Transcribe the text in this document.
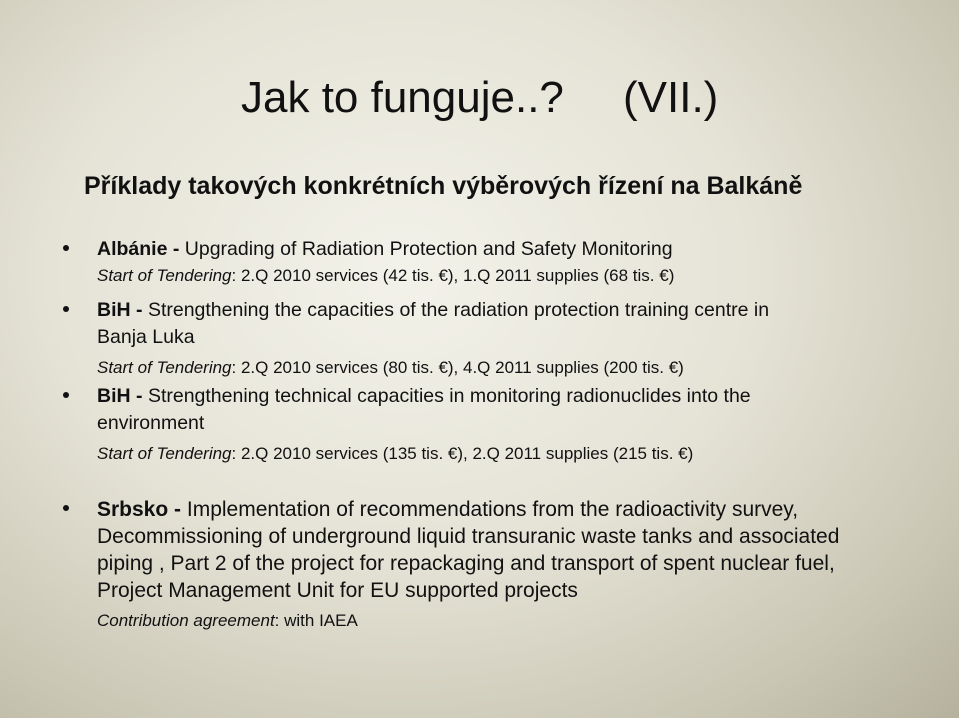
Jak to funguje..? (VII.)
Příklady takových konkrétních výběrových řízení na Balkáně
Albánie - Upgrading of Radiation Protection and Safety Monitoring
Start of Tendering: 2.Q 2010 services (42 tis. €), 1.Q 2011 supplies (68 tis. €)
BiH - Strengthening the capacities of the radiation protection training centre in
Banja Luka
Start of Tendering: 2.Q 2010 services (80 tis. €), 4.Q 2011 supplies (200 tis. €)
BiH - Strengthening technical capacities in monitoring radionuclides into the
environment
Start of Tendering: 2.Q 2010 services (135 tis. €), 2.Q 2011 supplies (215 tis. €)
Srbsko - Implementation of recommendations from the radioactivity survey,
Decommissioning of underground liquid transuranic waste tanks and associated
piping , Part 2 of the project for repackaging and transport of spent nuclear fuel,
Project Management Unit for EU supported projects
Contribution agreement: with IAEA
